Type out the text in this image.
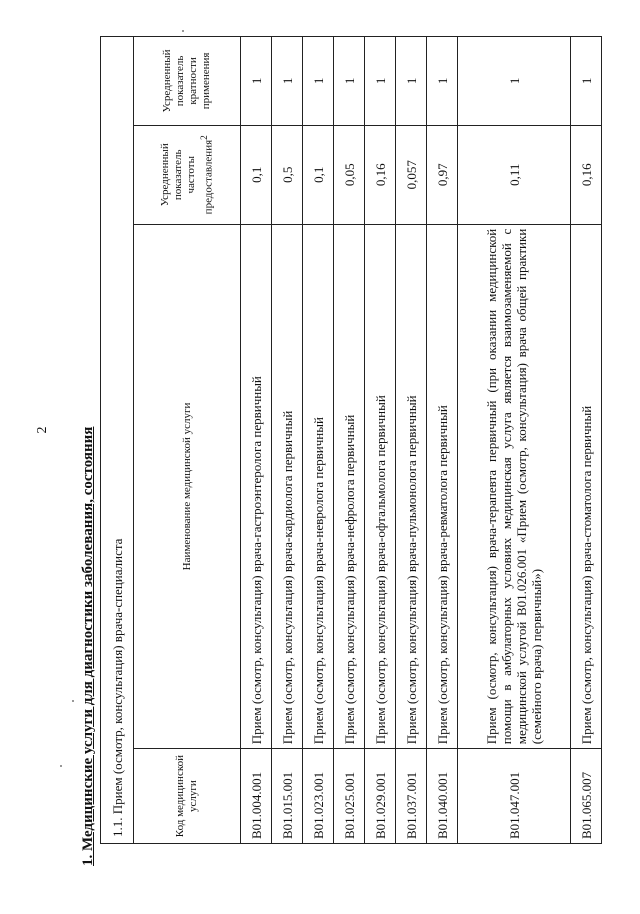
2	1. Медицинские услуги для диагностики заболевания, состояния 1.1. Прием (осмотр, консультация) врача-специалиста			
Код медицинской услуги	Наименование медицинской услуги	Усредненный показатель частоты предоставления$^2$	Усредненный показатель кратности применения
B01.004.001	Прием (осмотр, консультация) врача-гастроэнтеролога первичный	0,1	1
B01.015.001	Прием (осмотр, консультация) врача-кардиолога первичный	0,5	1
B01.023.001	Прием (осмотр, консультация) врача-невролога первичный	0,1	1
B01.025.001	Прием (осмотр, консультация) врача-нефролога первичный	0,05	1
B01.029.001	Прием (осмотр, консультация) врача-офтальмолога первичный	0,16	1
B01.037.001	Прием (осмотр, консультация) врача-пульмонолога первичный	0,057	1
B01.040.001	Прием (осмотр, консультация) врача-ревматолога первичный	0,97	1
B01.047.001	Прием (осмотр, консультация) врача-терапевта первичный (при оказании медицинской помощи в амбулаторных условиях медицинская услуга является взаимозаменяемой с медицинской услугой B01.026.001 «Прием (осмотр, консультация) врача общей практики (семейного врача) первичный»)	0,11	1
B01.065.007	Прием (осмотр, консультация) врача-стоматолога первичный	0,16	1
